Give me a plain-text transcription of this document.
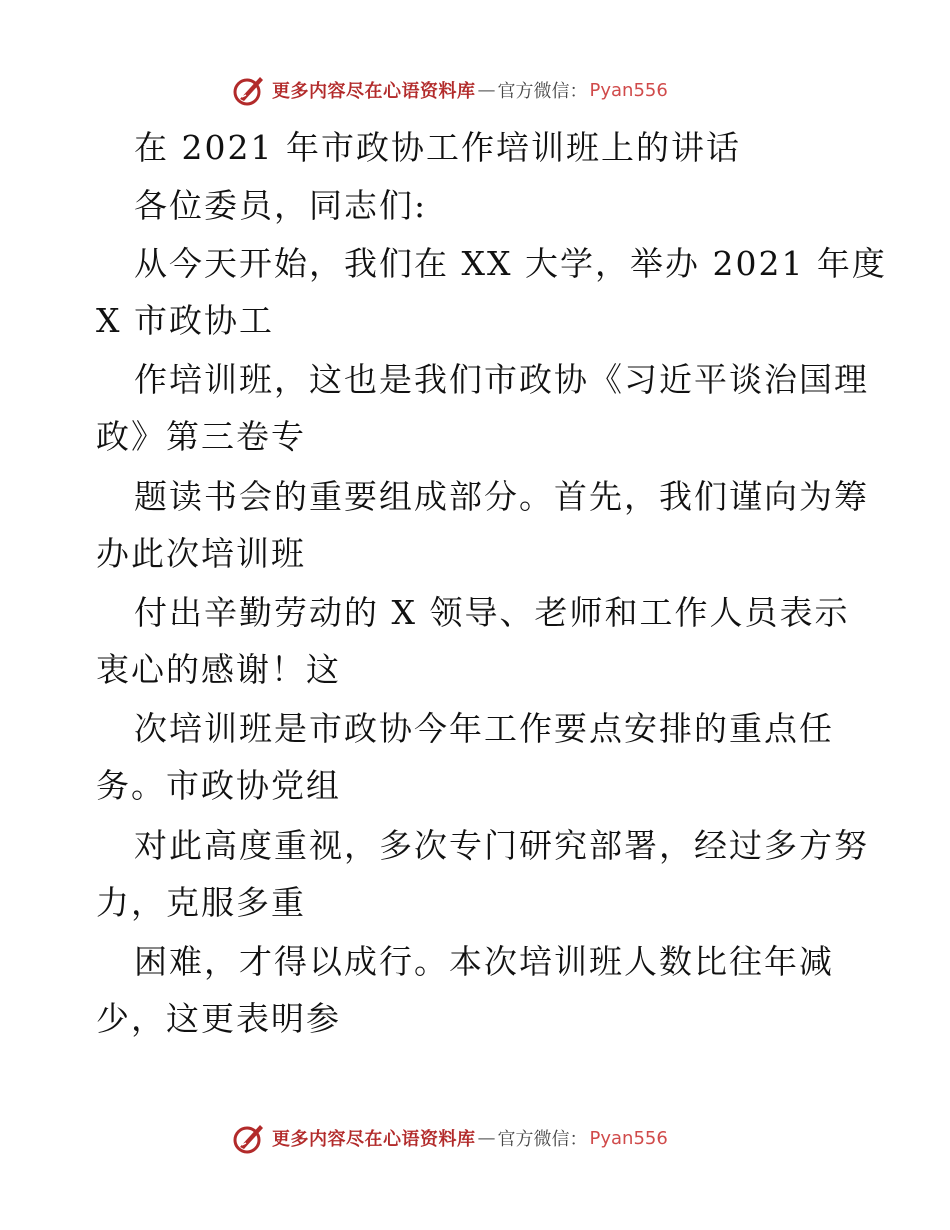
更多内容尽在心语资料库 — 官方微信： Pyan556
在 2021 年市政协工作培训班上的讲话
各位委员，同志们:
从今天开始，我们在 XX 大学，举办 2021 年度
X 市政协工
作培训班，这也是我们市政协《习近平谈治国理
政》第三卷专
题读书会的重要组成部分。首先，我们谨向为筹
办此次培训班
付出辛勤劳动的 X 领导、老师和工作人员表示
衷心的感谢！这
次培训班是市政协今年工作要点安排的重点任
务。市政协党组
对此高度重视，多次专门研究部署，经过多方努
力，克服多重
困难，才得以成行。本次培训班人数比往年减
少，这更表明参
更多内容尽在心语资料库 — 官方微信： Pyan556
